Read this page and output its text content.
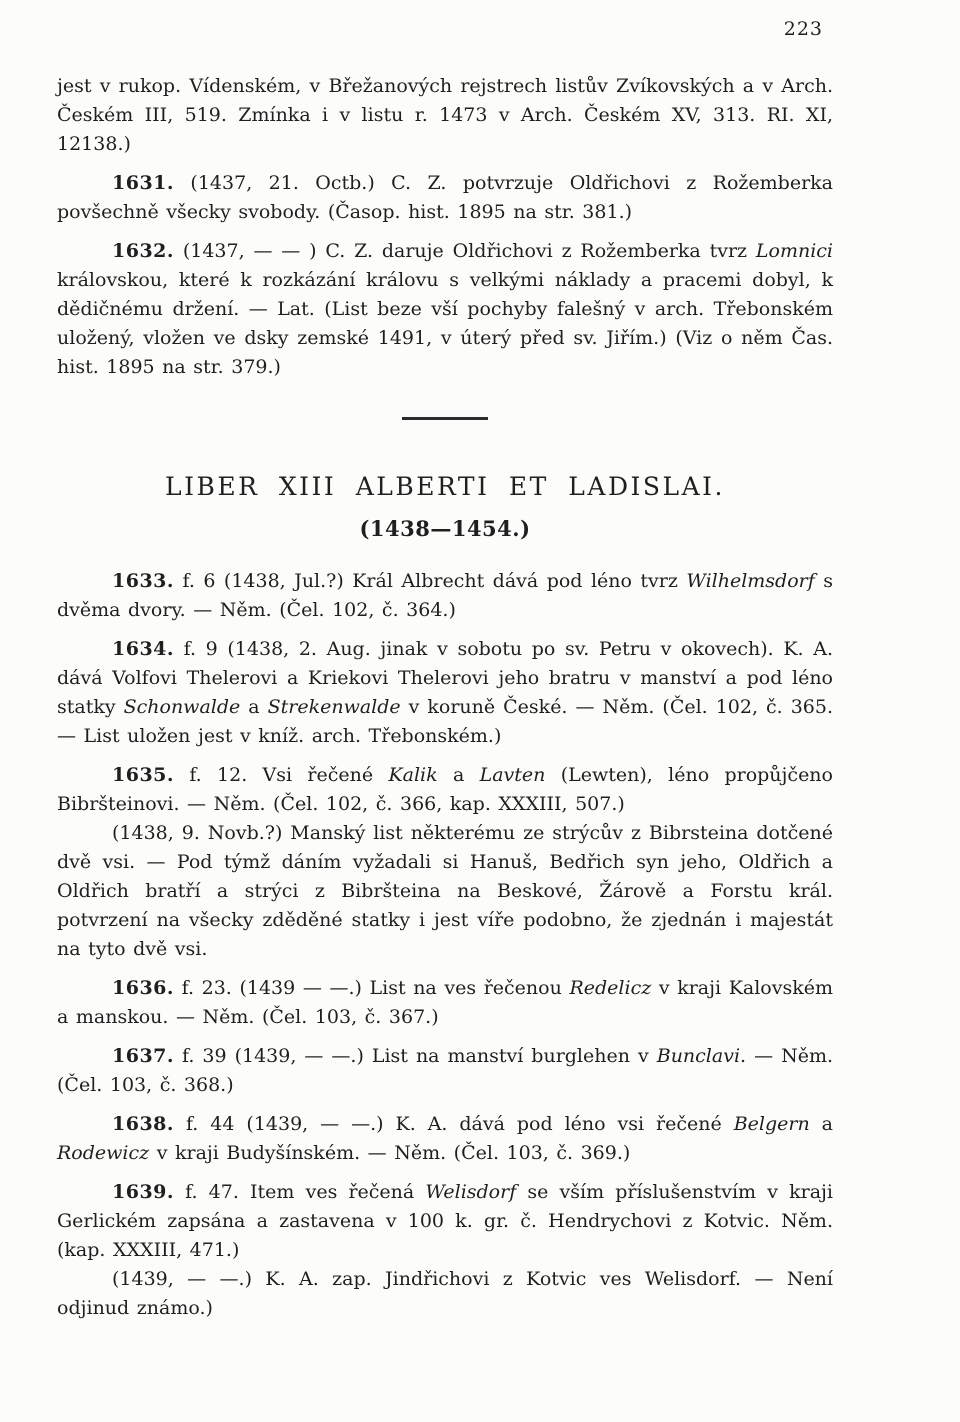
223

jest v rukop. Vídenském, v Břežanových rejstrech listův Zvíkovských a v Arch. Českém III, 519. Zmínka i v listu r. 1473 v Arch. Českém XV, 313. RI. XI, 12138.)

1631. (1437, 21. Octb.) C. Z. potvrzuje Oldřichovi z Rožemberka povšechně všecky svobody. (Časop. hist. 1895 na str. 381.)

1632. (1437, — — ) C. Z. daruje Oldřichovi z Rožemberka tvrz Lomnici královskou, které k rozkázání královu s velkými náklady a pracemi dobyl, k dědičnému držení. — Lat. (List beze vší pochyby falešný v arch. Třebonském uložený, vložen ve dsky zemské 1491, v úterý před sv. Jiřím.) (Viz o něm Čas. hist. 1895 na str. 379.)

LIBER XIII ALBERTI ET LADISLAI.
(1438—1454.)

1633. f. 6 (1438, Jul.?) Král Albrecht dává pod léno tvrz Wilhelmsdorf s dvěma dvory. — Něm. (Čel. 102, č. 364.)

1634. f. 9 (1438, 2. Aug. jinak v sobotu po sv. Petru v okovech). K. A. dává Volfovi Thelerovi a Kriekovi Thelerovi jeho bratru v manství a pod léno statky Schonwalde a Strekenwalde v koruně České. — Něm. (Čel. 102, č. 365. — List uložen jest v kníž. arch. Třebonském.)

1635. f. 12. Vsi řečené Kalik a Lavten (Lewten), léno propůjčeno Bibršteinovi. — Něm. (Čel. 102, č. 366, kap. XXXIII, 507.)

(1438, 9. Novb.?) Manský list některému ze strýcův z Bibrsteina dotčené dvě vsi. — Pod týmž dáním vyžadali si Hanuš, Bedřich syn jeho, Oldřich a Oldřich bratří a strýci z Bibršteina na Beskové, Žárově a Forstu král. potvrzení na všecky zděděné statky i jest víře podobno, že zjednán i majestát na tyto dvě vsi.

1636. f. 23. (1439 — —.) List na ves řečenou Redelicz v kraji Kalovském a manskou. — Něm. (Čel. 103, č. 367.)

1637. f. 39 (1439, — —.) List na manství burglehen v Bunclavi. — Něm. (Čel. 103, č. 368.)

1638. f. 44 (1439, — —.) K. A. dává pod léno vsi řečené Belgern a Rodewicz v kraji Budyšínském. — Něm. (Čel. 103, č. 369.)

1639. f. 47. Item ves řečená Welisdorf se vším příslušenstvím v kraji Gerlickém zapsána a zastavena v 100 k. gr. č. Hendrychovi z Kotvic. Něm. (kap. XXXIII, 471.)

(1439, — —.) K. A. zap. Jindřichovi z Kotvic ves Welisdorf. — Není odjinud známo.)
